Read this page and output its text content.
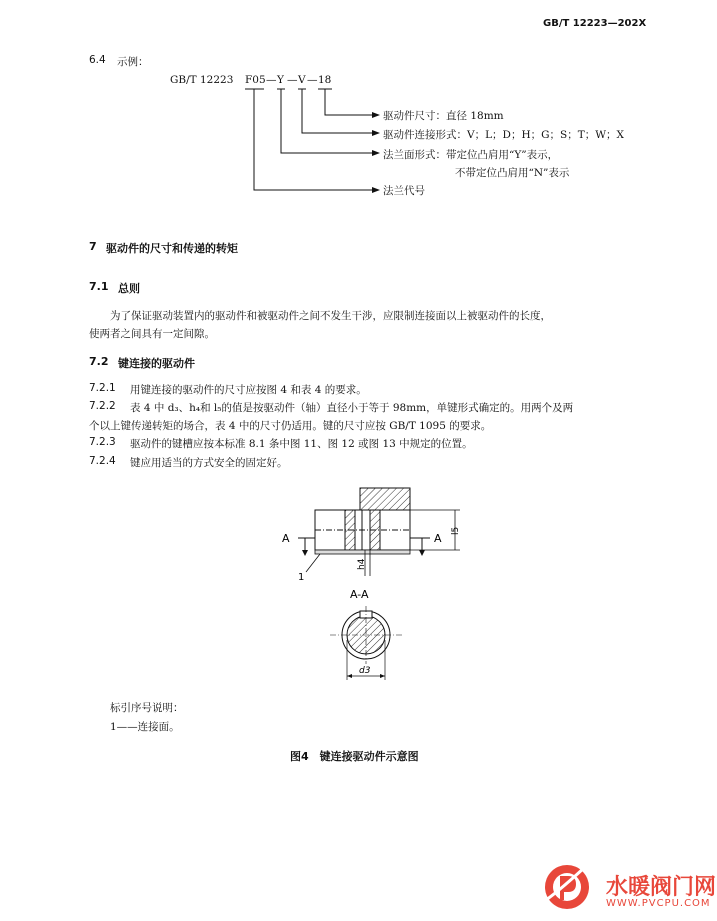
GB/T 12223—202X
6.4 示例：
GB/T 12223 F05 — Y — V — 18
驱动件尺寸：直径 18mm
驱动件连接形式：V；L；D；H；G；S；T；W；X
法兰面形式：带定位凸肩用“Y”表示，
不带定位凸肩用“N”表示
法兰代号
7 驱动件的尺寸和传递的转矩
7.1 总则
为了保证驱动装置内的驱动件和被驱动件之间不发生干涉，应限制连接面以上被驱动件的长度，
使两者之间具有一定间隙。
7.2 键连接的驱动件
7.2.1 用键连接的驱动件的尺寸应按图 4 和表 4 的要求。
7.2.2 表 4 中 d₃、h₄和 l₅的值是按驱动件（轴）直径小于等于 98mm，单键形式确定的。用两个及两
个以上键传递转矩的场合，表 4 中的尺寸仍适用。键的尺寸应按 GB/T 1095 的要求。
7.2.3 驱动件的键槽应按本标准 8.1 条中图 11、图 12 或图 13 中规定的位置。
7.2.4 键应用适当的方式安全的固定好。
A	A
l5
h4
1
A-A
d3
标引序号说明：
1——连接面。
图4　键连接驱动件示意图
水暖阀门网
WWW.PVCPU.COM
